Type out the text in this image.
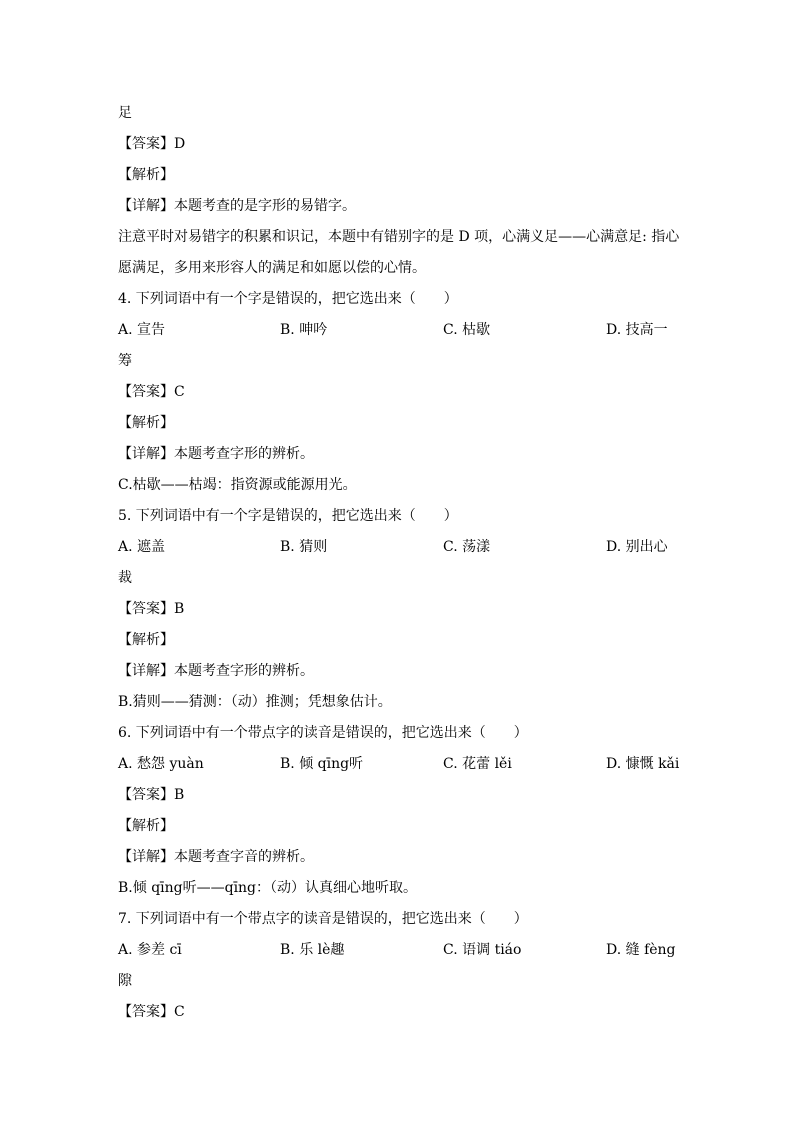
足
【答案】D
【解析】
【详解】本题考查的是字形的易错字。
注意平时对易错字的积累和识记，本题中有错别字的是 D 项，心满义足——心满意足: 指心
愿满足，多用来形容人的满足和如愿以偿的心情。
4. 下列词语中有一个字是错误的，把它选出来（　　）
A. 宣告	B. 呻吟	C. 枯歇	D. 技高一
筹
【答案】C
【解析】
【详解】本题考查字形的辨析。
C.枯歇——枯竭：指资源或能源用光。
5. 下列词语中有一个字是错误的，把它选出来（　　）
A. 遮盖	B. 猜则	C. 荡漾	D. 别出心
裁
【答案】B
【解析】
【详解】本题考查字形的辨析。
B.猜则——猜测：（动）推测；凭想象估计。
6. 下列词语中有一个带点字的读音是错误的，把它选出来（　　）
A. 愁怨 yuàn	B. 倾 qīng听	C. 花蕾 lěi	D. 慷慨 kǎi
【答案】B
【解析】
【详解】本题考查字音的辨析。
B.倾 qīng听——qīng：（动）认真细心地听取。
7. 下列词语中有一个带点字的读音是错误的，把它选出来（　　）
A. 参差 cī	B. 乐 lè趣	C. 语调 tiáo	D. 缝 fèng
隙
【答案】C
